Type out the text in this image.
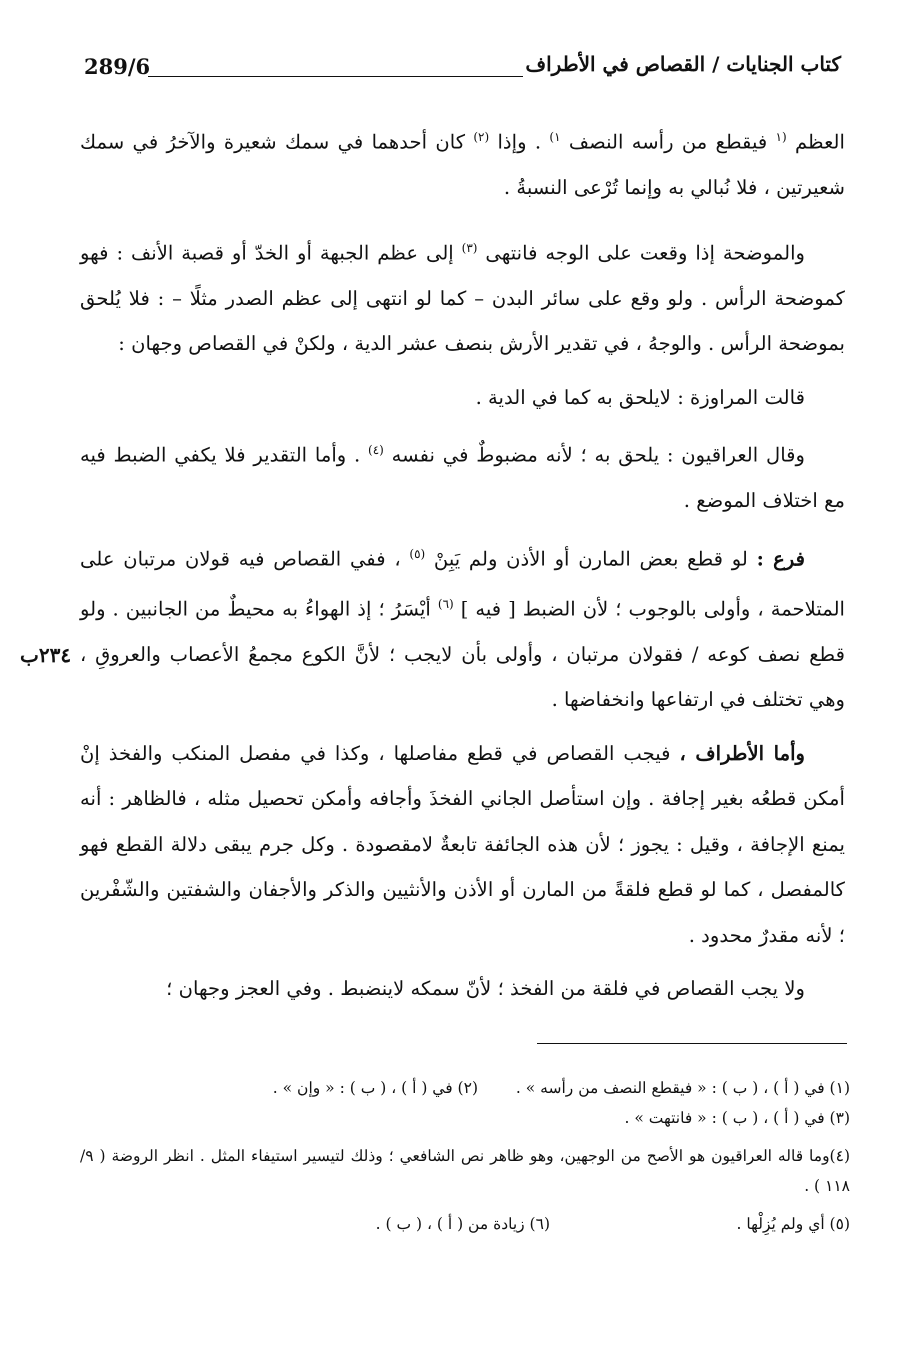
كتاب الجنايات / القصاص في الأطراف
289/6
٢٣٤ب

العظم $^{(١}$ فيقطع من رأسه النصف $^{١)}$ . وإذا $^{(٢)}$ كان أحدهما في سمك شعيرة والآخرُ في سمك شعيرتين ، فلا نُبالي به وإنما تُرْعى النسبةُ .

والموضحة إذا وقعت على الوجه فانتهى $^{(٣)}$ إلى عظم الجبهة أو الخدّ أو قصبة الأنف : فهو كموضحة الرأس . ولو وقع على سائر البدن – كما لو انتهى إلى عظم الصدر مثلًا – : فلا يُلحق بموضحة الرأس . والوجهُ ، في تقدير الأرش بنصف عشر الدية ، ولكنْ في القصاص وجهان :

قالت المراوزة : لايلحق به كما في الدية .

وقال العراقيون : يلحق به ؛ لأنه مضبوطٌ في نفسه $^{(٤)}$ . وأما التقدير فلا يكفي الضبط فيه مع اختلاف الموضع .

فرع : لو قطع بعض المارن أو الأذن ولم يَبِنْ $^{(٥)}$ ، ففي القصاص فيه قولان مرتبان على المتلاحمة ، وأولى بالوجوب ؛ لأن الضبط [ فيه ] $^{(٦)}$ أيْسَرُ ؛ إذ الهواءُ به محيطٌ من الجانبين . ولو قطع نصف كوعه / فقولان مرتبان ، وأولى بأن لايجب ؛ لأنَّ الكوع مجمعُ الأعصاب والعروقِ ، وهي تختلف في ارتفاعها وانخفاضها .

وأما الأطراف ، فيجب القصاص في قطع مفاصلها ، وكذا في مفصل المنكب والفخذ إنْ أمكن قطعُه بغير إجافة . وإن استأصل الجاني الفخذَ وأجافه وأمكن تحصيل مثله ، فالظاهر : أنه يمنع الإجافة ، وقيل : يجوز ؛ لأن هذه الجائفة تابعةٌ لامقصودة . وكل جرم يبقى دلالة القطع فهو كالمفصل ، كما لو قطع فلقةً من المارن أو الأذن والأنثيين والذكر والأجفان والشفتين والشّفْرين ؛ لأنه مقدرٌ محدود .

ولا يجب القصاص في فلقة من الفخذ ؛ لأنّ سمكه لاينضبط . وفي العجز وجهان ؛

(١) في ( أ ) ، ( ب ) : « فيقطع النصف من رأسه » .
(٢) في ( أ ) ، ( ب ) : « وإن » .
(٣) في ( أ ) ، ( ب ) : « فانتهت » .
(٤)وما قاله العراقيون هو الأصح من الوجهين، وهو ظاهر نص الشافعي ؛ وذلك لتيسير استيفاء المثل . انظر الروضة ( ٩/ ١١٨ ) .
(٥) أي ولم يُزِلْها .
(٦) زيادة من ( أ ) ، ( ب ) .
